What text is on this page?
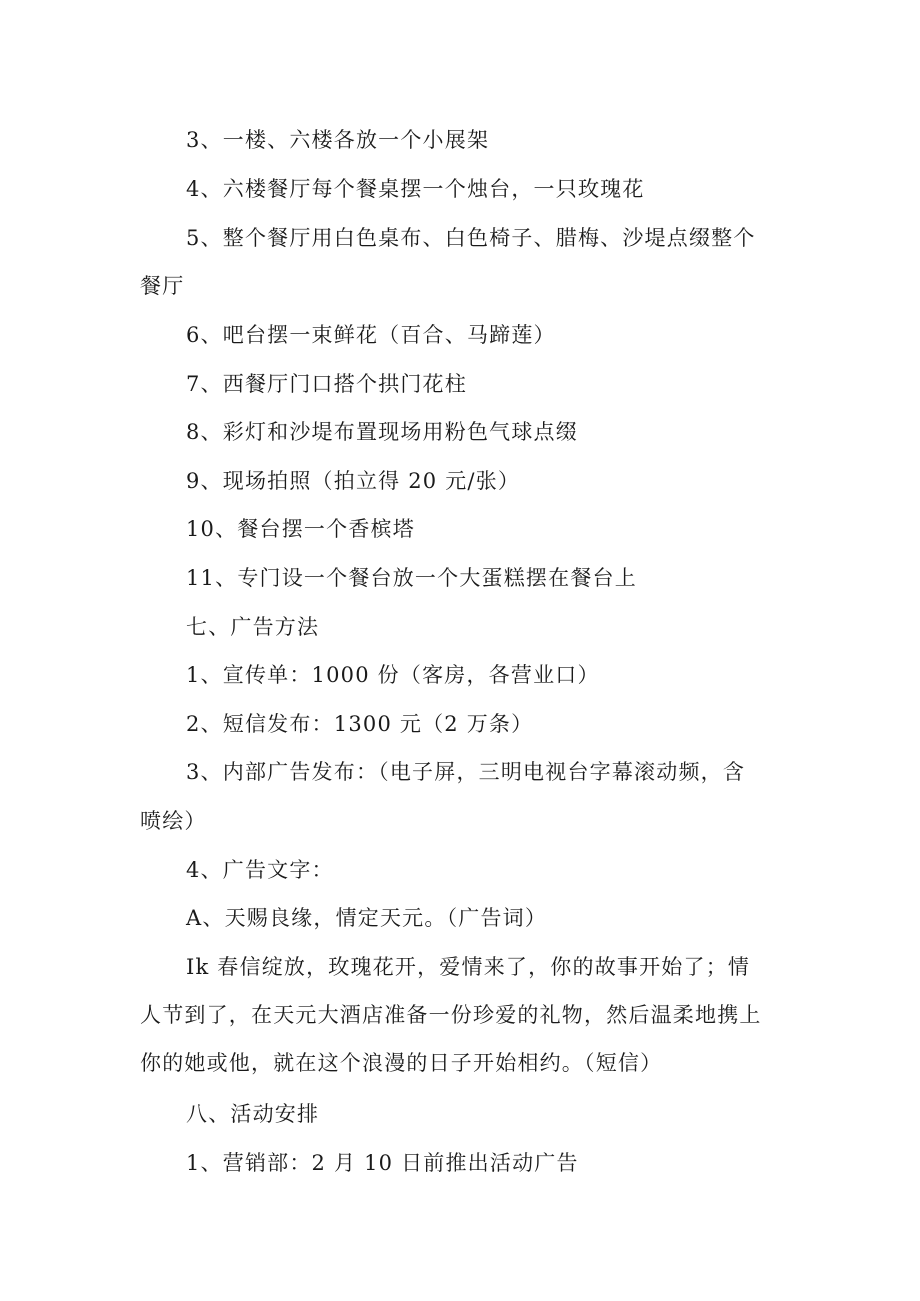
3、一楼、六楼各放一个小展架
4、六楼餐厅每个餐桌摆一个烛台，一只玫瑰花
5、整个餐厅用白色桌布、白色椅子、腊梅、沙堤点缀整个
餐厅
6、吧台摆一束鲜花（百合、马蹄莲）
7、西餐厅门口搭个拱门花柱
8、彩灯和沙堤布置现场用粉色气球点缀
9、现场拍照（拍立得 20 元/张）
10、餐台摆一个香槟塔
11、专门设一个餐台放一个大蛋糕摆在餐台上
七、广告方法
1、宣传单：1000 份（客房，各营业口）
2、短信发布：1300 元（2 万条）
3、内部广告发布：（电子屏，三明电视台字幕滚动频，含
喷绘）
4、广告文字：
A、天赐良缘，情定天元。（广告词）
Ik 春信绽放，玫瑰花开，爱情来了，你的故事开始了；情
人节到了，在天元大酒店准备一份珍爱的礼物，然后温柔地携上
你的她或他，就在这个浪漫的日子开始相约。（短信）
八、活动安排
1、营销部：2 月 10 日前推出活动广告
